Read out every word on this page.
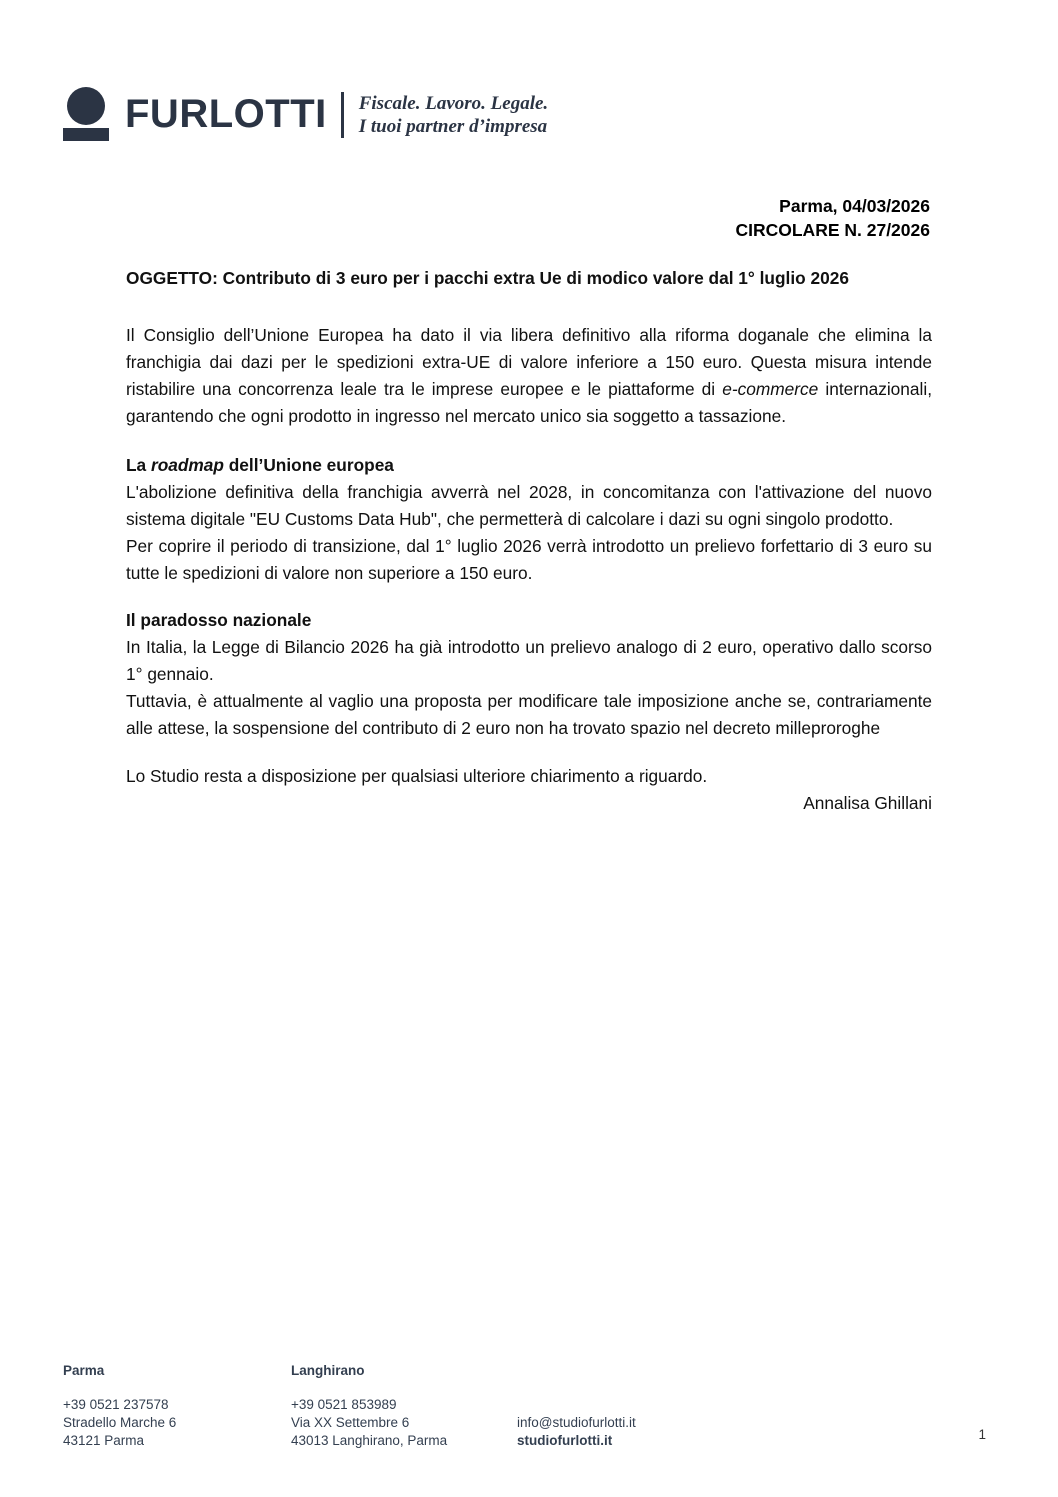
FURLOTTI Fiscale. Lavoro. Legale.
I tuoi partner d’impresa
Parma, 04/03/2026
CIRCOLARE N. 27/2026

OGGETTO: Contributo di 3 euro per i pacchi extra Ue di modico valore dal 1° luglio 2026

Il Consiglio dell’Unione Europea ha dato il via libera definitivo alla riforma doganale che elimina la franchigia dai dazi per le spedizioni extra-UE di valore inferiore a 150 euro. Questa misura intende ristabilire una concorrenza leale tra le imprese europee e le piattaforme di e-commerce internazionali, garantendo che ogni prodotto in ingresso nel mercato unico sia soggetto a tassazione.

La roadmap dell’Unione europea

L'abolizione definitiva della franchigia avverrà nel 2028, in concomitanza con l'attivazione del nuovo sistema digitale "EU Customs Data Hub", che permetterà di calcolare i dazi su ogni singolo prodotto.

Per coprire il periodo di transizione, dal 1° luglio 2026 verrà introdotto un prelievo forfettario di 3 euro su tutte le spedizioni di valore non superiore a 150 euro.

Il paradosso nazionale

In Italia, la Legge di Bilancio 2026 ha già introdotto un prelievo analogo di 2 euro, operativo dallo scorso 1° gennaio.

Tuttavia, è attualmente al vaglio una proposta per modificare tale imposizione anche se, contrariamente alle attese, la sospensione del contributo di 2 euro non ha trovato spazio nel decreto milleproroghe

Lo Studio resta a disposizione per qualsiasi ulteriore chiarimento a riguardo.

Annalisa Ghillani

Parma
+39 0521 237578
Stradello Marche 6
43121 Parma
Langhirano
+39 0521 853989
Via XX Settembre 6
43013 Langhirano, Parma
info@studiofurlotti.it
studiofurlotti.it	1
